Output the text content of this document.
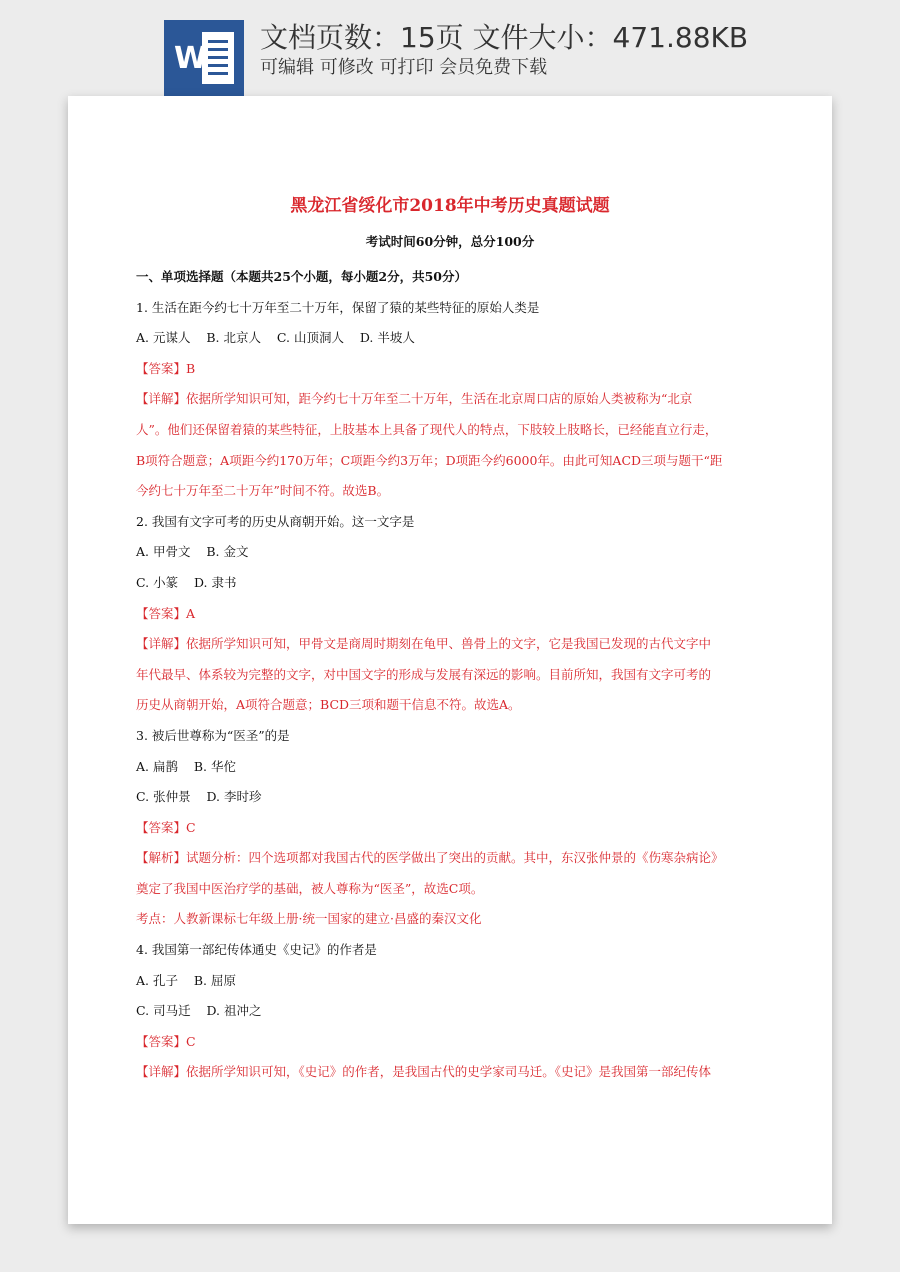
W
文档页数：15页 文件大小：471.88KB
可编辑 可修改 可打印 会员免费下载
黑龙江省绥化市2018年中考历史真题试题
考试时间60分钟，总分100分

一、单项选择题（本题共25个小题，每小题2分，共50分）

1. 生活在距今约七十万年至二十万年，保留了猿的某些特征的原始人类是

A. 元谋人    B. 北京人    C. 山顶洞人    D. 半坡人

【答案】B

【详解】依据所学知识可知，距今约七十万年至二十万年，生活在北京周口店的原始人类被称为“北京

人”。他们还保留着猿的某些特征，上肢基本上具备了现代人的特点，下肢较上肢略长，已经能直立行走，

B项符合题意；A项距今约170万年；C项距今约3万年；D项距今约6000年。由此可知ACD三项与题干“距

今约七十万年至二十万年”时间不符。故选B。

2. 我国有文字可考的历史从商朝开始。这一文字是

A. 甲骨文    B. 金文

C. 小篆    D. 隶书

【答案】A

【详解】依据所学知识可知，甲骨文是商周时期刻在龟甲、兽骨上的文字，它是我国已发现的古代文字中

年代最早、体系较为完整的文字，对中国文字的形成与发展有深远的影响。目前所知，我国有文字可考的

历史从商朝开始，A项符合题意；BCD三项和题干信息不符。故选A。

3. 被后世尊称为“医圣”的是

A. 扁鹊    B. 华佗

C. 张仲景    D. 李时珍

【答案】C

【解析】试题分析：四个选项都对我国古代的医学做出了突出的贡献。其中，东汉张仲景的《伤寒杂病论》

奠定了我国中医治疗学的基础，被人尊称为“医圣”，故选C项。

考点：人教新课标七年级上册·统一国家的建立·昌盛的秦汉文化

4. 我国第一部纪传体通史《史记》的作者是

A. 孔子    B. 屈原

C. 司马迁    D. 祖冲之

【答案】C

【详解】依据所学知识可知，《史记》的作者，是我国古代的史学家司马迁。《史记》是我国第一部纪传体
